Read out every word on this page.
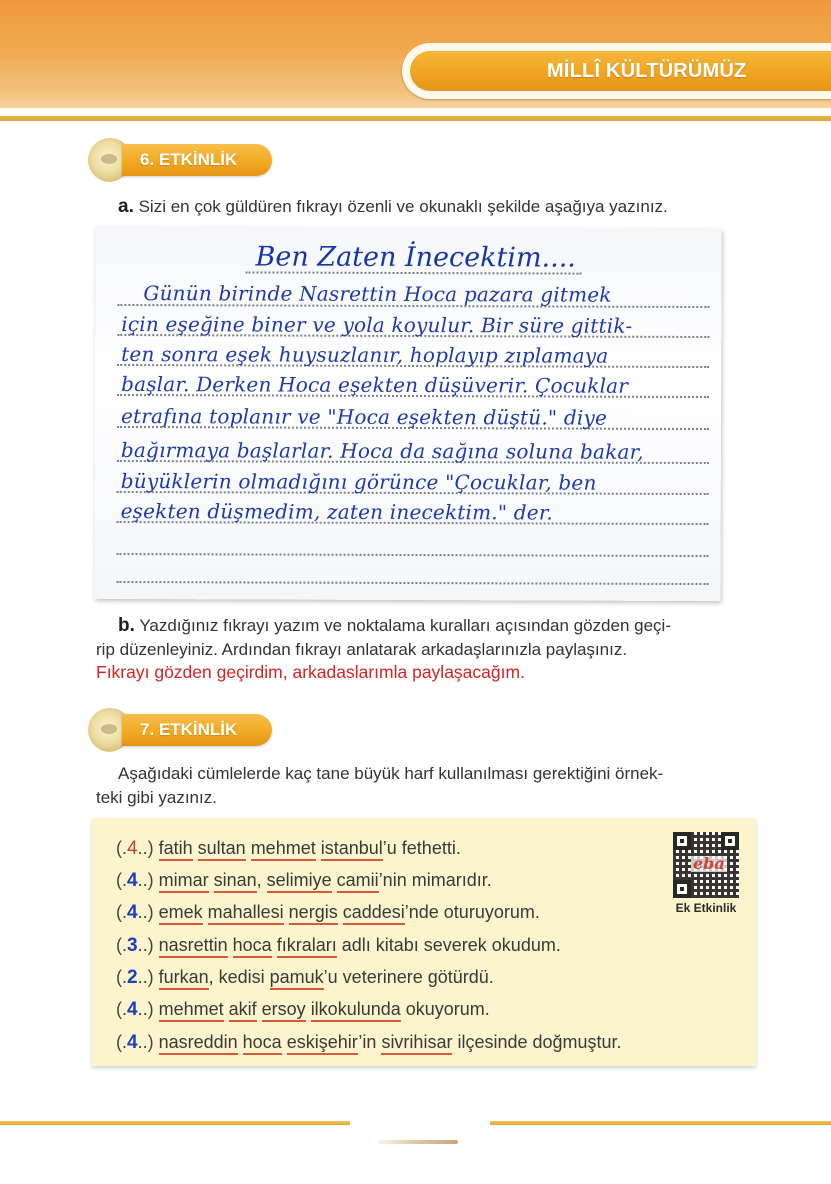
MİLLÎ KÜLTÜRÜMÜZ
6. ETKİNLİK
a. Sizi en çok güldüren fıkrayı özenli ve okunaklı şekilde aşağıya yazınız.
Ben Zaten İnecektim....
Günün birinde Nasrettin Hoca pazara gitmek
için eşeğine biner ve yola koyulur. Bir süre gittik-
ten sonra eşek huysuzlanır, hoplayıp zıplamaya
başlar. Derken Hoca eşekten düşüverir. Çocuklar
etrafına toplanır ve "Hoca eşekten düştü." diye
bağırmaya başlarlar. Hoca da sağına soluna bakar,
büyüklerin olmadığını görünce "Çocuklar, ben
eşekten düşmedim, zaten inecektim." der.
b. Yazdığınız fıkrayı yazım ve noktalama kuralları açısından gözden geçi-
rip düzenleyiniz. Ardından fıkrayı anlatarak arkadaşlarınızla paylaşınız.
Fıkrayı gözden geçirdim, arkadaslarımla paylaşacağım.
7. ETKİNLİK
Aşağıdaki cümlelerde kaç tane büyük harf kullanılması gerektiğini örnek-
teki gibi yazınız.
(. 4 ..) fatih sultan mehmet istanbul’u fethetti.
(. 4 ..) mimar sinan, selimiye camii’nin mimarıdır.
(. 4 ..) emek mahallesi nergis caddesi’nde oturuyorum.
(. 3 ..) nasrettin hoca fıkraları adlı kitabı severek okudum.
(. 2 ..) furkan, kedisi pamuk’u veterinere götürdü.
(. 4 ..) mehmet akif ersoy ilkokulunda okuyorum.
(. 4 ..) nasreddin hoca eskişehir’in sivrihisar ilçesinde doğmuştur.
eba
Ek Etkinlik
